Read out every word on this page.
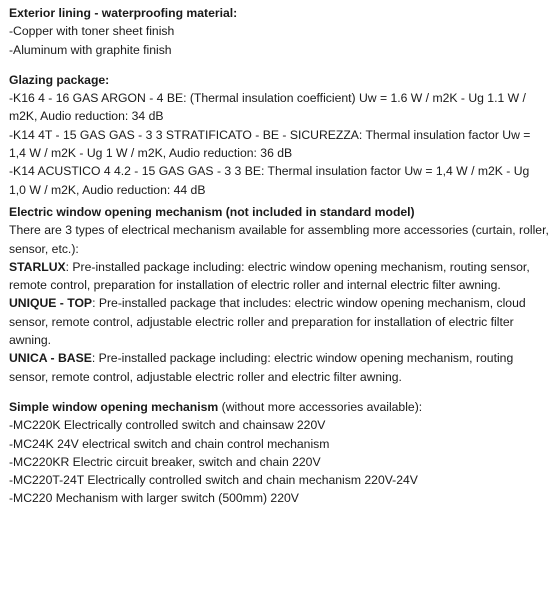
Exterior lining - waterproofing material:
-Copper with toner sheet finish
-Aluminum with graphite finish
Glazing package:
-K16 4 - 16 GAS ARGON - 4 BE: (Thermal insulation coefficient) Uw = 1.6 W / m2K - Ug 1.1 W / m2K, Audio reduction: 34 dB
-K14 4T - 15 GAS GAS - 3 3 STRATIFICATO - BE - SICUREZZA: Thermal insulation factor Uw = 1,4 W / m2K - Ug 1 W / m2K, Audio reduction: 36 dB
-K14 ACUSTICO 4 4.2 - 15 GAS GAS - 3 3 BE: Thermal insulation factor Uw = 1,4 W / m2K - Ug 1,0 W / m2K, Audio reduction: 44 dB
Electric window opening mechanism (not included in standard model)
There are 3 types of electrical mechanism available for assembling more accessories (curtain, roller, sensor, etc.):
STARLUX: Pre-installed package including: electric window opening mechanism, routing sensor, remote control, preparation for installation of electric roller and internal electric filter awning.
UNIQUE - TOP: Pre-installed package that includes: electric window opening mechanism, cloud sensor, remote control, adjustable electric roller and preparation for installation of electric filter awning.
UNICA - BASE: Pre-installed package including: electric window opening mechanism, routing sensor, remote control, adjustable electric roller and electric filter awning.
Simple window opening mechanism (without more accessories available):
-MC220K Electrically controlled switch and chainsaw 220V
-MC24K 24V electrical switch and chain control mechanism
-MC220KR Electric circuit breaker, switch and chain 220V
-MC220T-24T Electrically controlled switch and chain mechanism 220V-24V
-MC220 Mechanism with larger switch (500mm) 220V
